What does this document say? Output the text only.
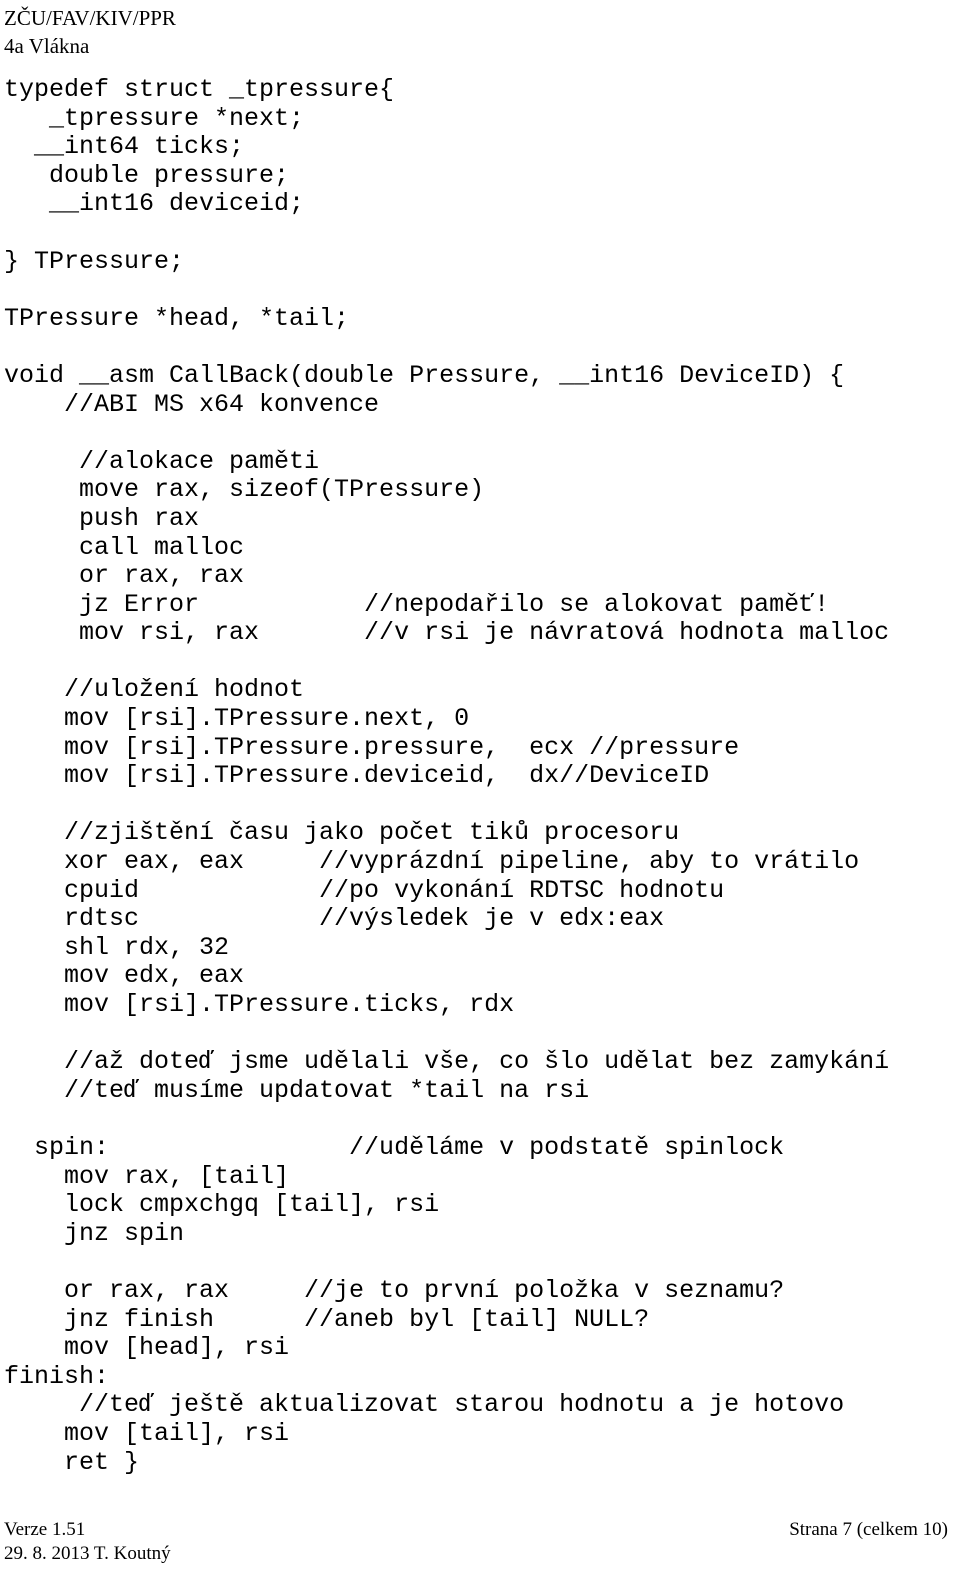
ZČU/FAV/KIV/PPR
4a Vlákna
typedef struct _tpressure{
_tpressure *next;
__int64 ticks;
double pressure;
__int16 deviceid;
} TPressure;
TPressure *head, *tail;
void __asm CallBack(double Pressure, __int16 DeviceID) {
//ABI MS x64 konvence
//alokace paměti
move rax, sizeof(TPressure)
push rax
call malloc
or rax, rax
jz Error           //nepodařilo se alokovat paměť!
mov rsi, rax       //v rsi je návratová hodnota malloc
//uložení hodnot
mov [rsi].TPressure.next, 0
mov [rsi].TPressure.pressure,  ecx //pressure
mov [rsi].TPressure.deviceid,  dx//DeviceID
//zjištění času jako počet tiků procesoru
xor eax, eax     //vyprázdní pipeline, aby to vrátilo
cpuid            //po vykonání RDTSC hodnotu
rdtsc            //výsledek je v edx:eax
shl rdx, 32
mov edx, eax
mov [rsi].TPressure.ticks, rdx
//až doteď jsme udělali vše, co šlo udělat bez zamykání
//teď musíme updatovat *tail na rsi
spin:                //uděláme v podstatě spinlock
mov rax, [tail]
lock cmpxchgq [tail], rsi
jnz spin
or rax, rax     //je to první položka v seznamu?
jnz finish      //aneb byl [tail] NULL?
mov [head], rsi
finish:
//teď ještě aktualizovat starou hodnotu a je hotovo
mov [tail], rsi
ret }
Verze 1.51	Strana 7 (celkem 10)
29. 8. 2013 T. Koutný
